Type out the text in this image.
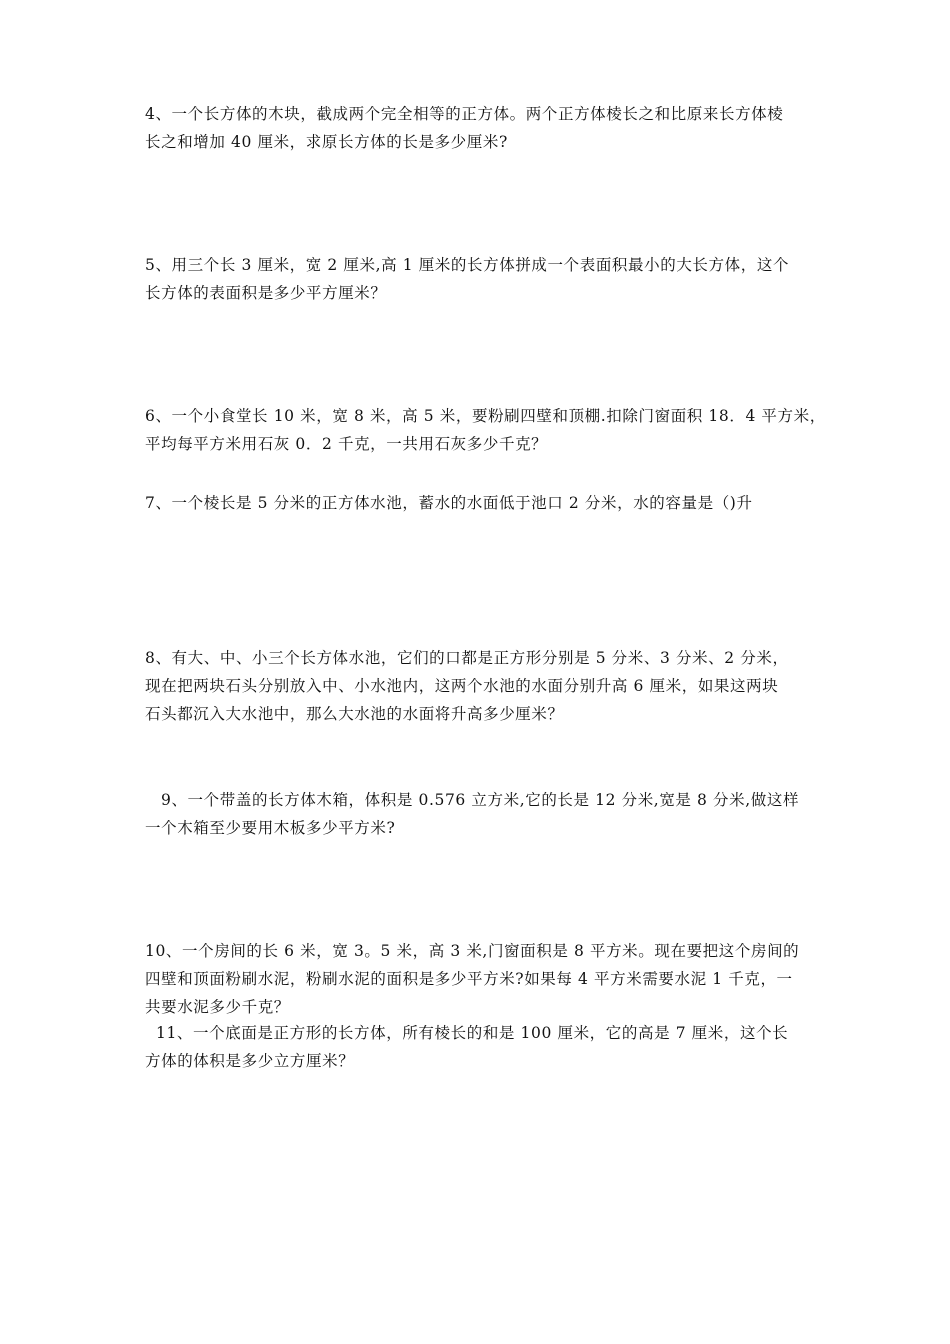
4、一个长方体的木块，截成两个完全相等的正方体。两个正方体棱长之和比原来长方体棱
长之和增加 40 厘米，求原长方体的长是多少厘米?
5、用三个长 3 厘米，宽 2 厘米,高 1 厘米的长方体拼成一个表面积最小的大长方体，这个
长方体的表面积是多少平方厘米？
6、一个小食堂长 10 米，宽 8 米，高 5 米，要粉刷四壁和顶棚.扣除门窗面积 18．4 平方米，
平均每平方米用石灰 0．2 千克，一共用石灰多少千克？
7、一个棱长是 5 分米的正方体水池，蓄水的水面低于池口 2 分米，水的容量是（)升
8、有大、中、小三个长方体水池，它们的口都是正方形分别是 5 分米、3 分米、2 分米，
现在把两块石头分别放入中、小水池内，这两个水池的水面分别升高 6 厘米，如果这两块
石头都沉入大水池中，那么大水池的水面将升高多少厘米？
9、一个带盖的长方体木箱，体积是 0.576 立方米,它的长是 12 分米,宽是 8 分米,做这样
一个木箱至少要用木板多少平方米?
10、一个房间的长 6 米，宽 3。5 米，高 3 米,门窗面积是 8 平方米。现在要把这个房间的
四壁和顶面粉刷水泥，粉刷水泥的面积是多少平方米?如果每 4 平方米需要水泥 1 千克，一
共要水泥多少千克？
11、一个底面是正方形的长方体，所有棱长的和是 100 厘米，它的高是 7 厘米，这个长
方体的体积是多少立方厘米？
